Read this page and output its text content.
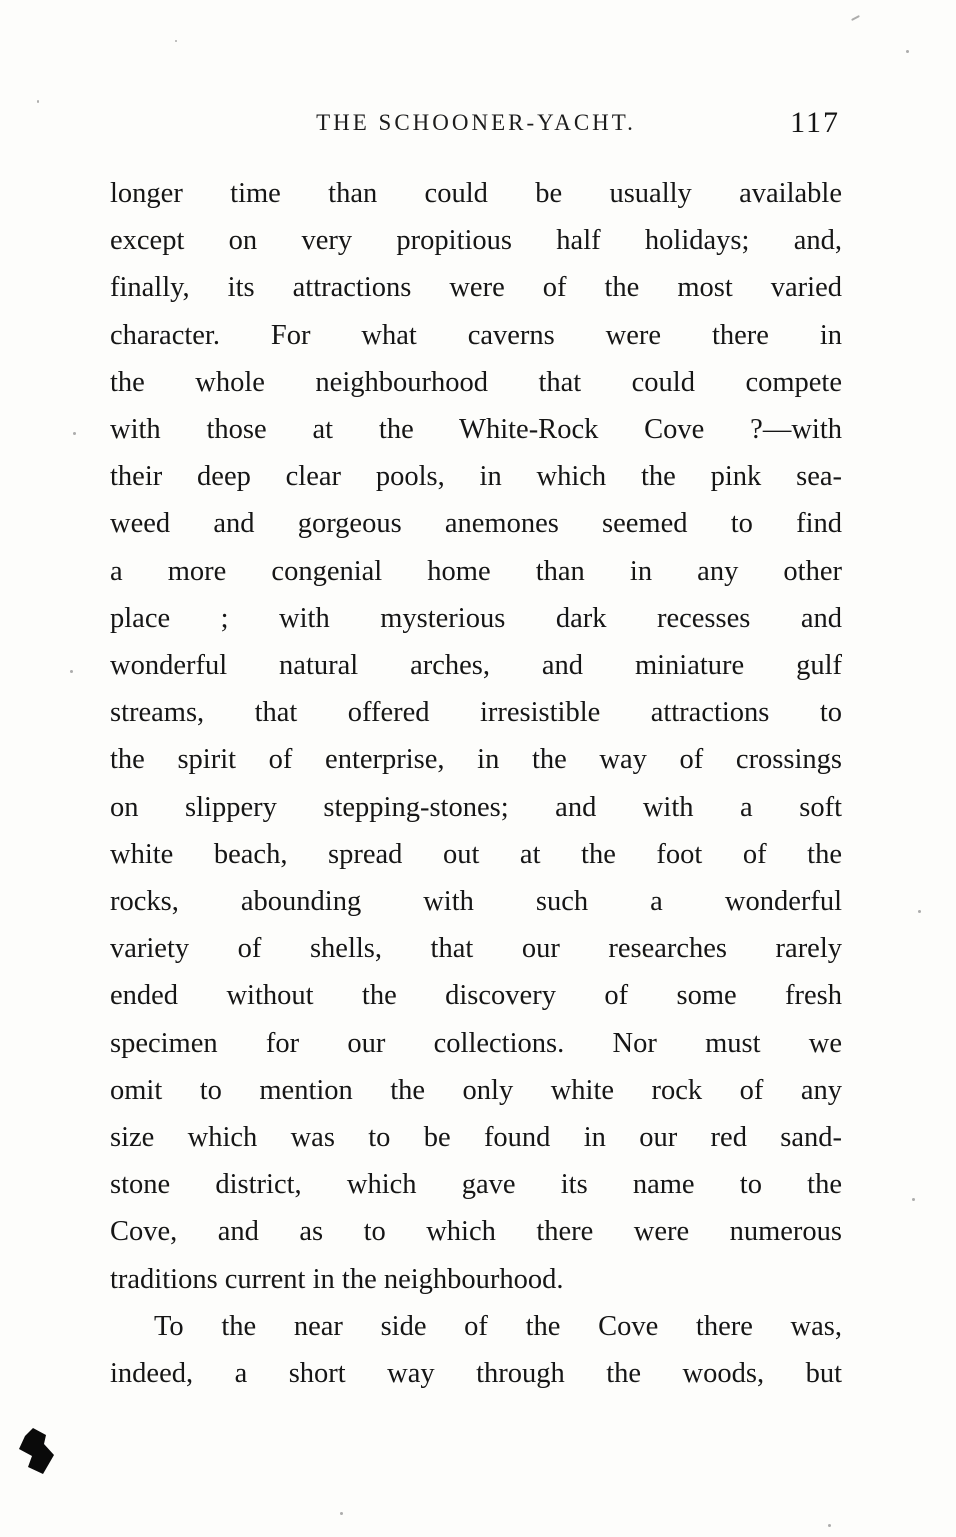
THE SCHOONER-YACHT.	117
longer time than could be usually available
except on very propitious half holidays; and,
finally, its attractions were of the most varied
character. For what caverns were there in
the whole neighbourhood that could compete
with those at the White-Rock Cove ?—with
their deep clear pools, in which the pink sea-
weed and gorgeous anemones seemed to find
a more congenial home than in any other
place ; with mysterious dark recesses and
wonderful natural arches, and miniature gulf
streams, that offered irresistible attractions to
the spirit of enterprise, in the way of crossings
on slippery stepping-stones; and with a soft
white beach, spread out at the foot of the
rocks, abounding with such a wonderful
variety of shells, that our researches rarely
ended without the discovery of some fresh
specimen for our collections. Nor must we
omit to mention the only white rock of any
size which was to be found in our red sand-
stone district, which gave its name to the
Cove, and as to which there were numerous
traditions current in the neighbourhood.
To the near side of the Cove there was,
indeed, a short way through the woods, but
